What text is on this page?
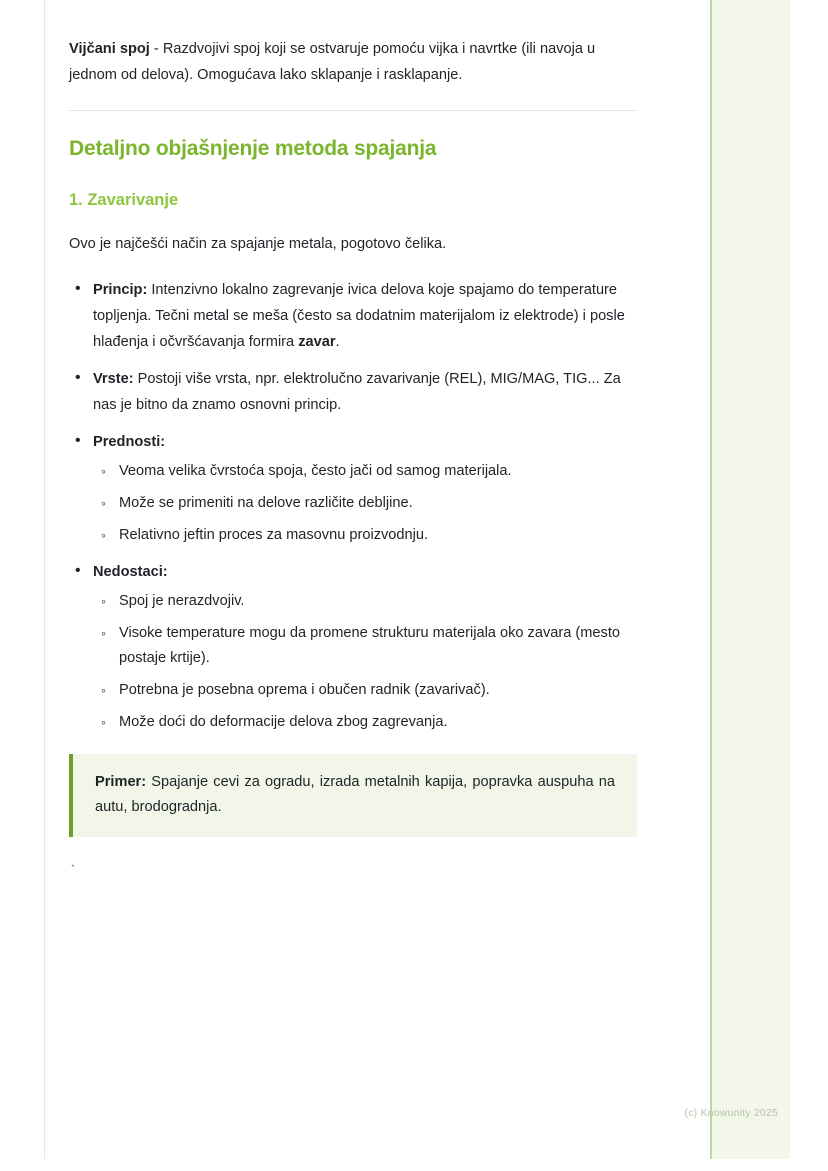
Vijčani spoj - Razdvojivi spoj koji se ostvaruje pomoću vijka i navrtke (ili navoja u jednom od delova). Omogućava lako sklapanje i rasklapanje.

Detaljno objašnjenje metoda spajanja
1. Zavarivanje

Ovo je najčešći način za spajanje metala, pogotovo čelika.

• Princip: Intenzivno lokalno zagrevanje ivica delova koje spajamo do temperature topljenja. Tečni metal se meša (često sa dodatnim materijalom iz elektrode) i posle hlađenja i očvršćavanja formira zavar.
• Vrste: Postoji više vrsta, npr. elektrolučno zavarivanje (REL), MIG/MAG, TIG... Za nas je bitno da znamo osnovni princip.
• Prednosti:
◦ Veoma velika čvrstoća spoja, često jači od samog materijala.
◦ Može se primeniti na delove različite debljine.
◦ Relativno jeftin proces za masovnu proizvodnju.
• Nedostaci:
◦ Spoj je nerazdvojiv.
◦ Visoke temperature mogu da promene strukturu materijala oko zavara (mesto postaje krtije).
◦ Potrebna je posebna oprema i obučen radnik (zavarivač).
◦ Može doći do deformacije delova zbog zagrevanja.

Primer: Spajanje cevi za ogradu, izrada metalnih kapija, popravka auspuha na autu, brodogradnja.

`
(c) Knowunity 2025
